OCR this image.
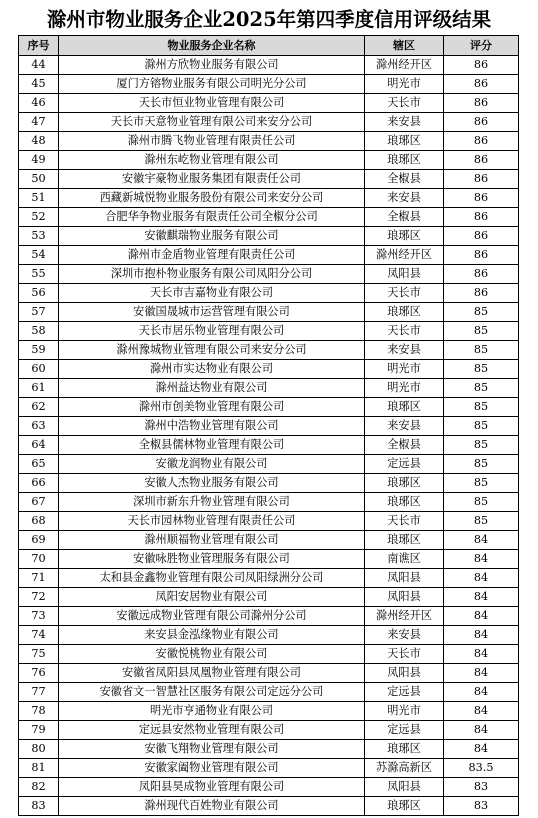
滁州市物业服务企业2025年第四季度信用评级结果
序号	物业服务企业名称	辖区	评分
44	滁州方欣物业服务有限公司	滁州经开区	86
45	厦门方镕物业服务有限公司明光分公司	明光市	86
46	天长市恒业物业管理有限公司	天长市	86
47	天长市天意物业管理有限公司来安分公司	来安县	86
48	滁州市腾飞物业管理有限责任公司	琅琊区	86
49	滁州东屹物业管理有限公司	琅琊区	86
50	安徽宇豪物业服务集团有限责任公司	全椒县	86
51	西藏新城悦物业服务股份有限公司来安分公司	来安县	86
52	合肥华争物业服务有限责任公司全椒分公司	全椒县	86
53	安徽麒瑞物业服务有限公司	琅琊区	86
54	滁州市金盾物业管理有限责任公司	滁州经开区	86
55	深圳市抱朴物业服务有限公司凤阳分公司	凤阳县	86
56	天长市吉嘉物业有限公司	天长市	86
57	安徽国晟城市运营管理有限公司	琅琊区	85
58	天长市居乐物业管理有限公司	天长市	85
59	滁州豫城物业管理有限公司来安分公司	来安县	85
60	滁州市实达物业有限公司	明光市	85
61	滁州益达物业有限公司	明光市	85
62	滁州市创美物业管理有限公司	琅琊区	85
63	滁州中浩物业管理有限公司	来安县	85
64	全椒县儒林物业管理有限公司	全椒县	85
65	安徽龙润物业有限公司	定远县	85
66	安徽人杰物业服务有限公司	琅琊区	85
67	深圳市新东升物业管理有限公司	琅琊区	85
68	天长市园林物业管理有限责任公司	天长市	85
69	滁州顺福物业管理有限公司	琅琊区	84
70	安徽咏胜物业管理服务有限公司	南谯区	84
71	太和县金鑫物业管理有限公司凤阳绿洲分公司	凤阳县	84
72	凤阳安居物业有限公司	凤阳县	84
73	安徽远成物业管理有限公司滁州分公司	滁州经开区	84
74	来安县金泓缘物业有限公司	来安县	84
75	安徽悦桃物业有限公司	天长市	84
76	安徽省凤阳县凤凰物业管理有限公司	凤阳县	84
77	安徽省文一智慧社区服务有限公司定远分公司	定远县	84
78	明光市亨通物业有限公司	明光市	84
79	定远县安然物业管理有限公司	定远县	84
80	安徽飞翔物业管理有限公司	琅琊区	84
81	安徽家阖物业管理有限公司	苏滁高新区	83.5
82	凤阳县昊成物业管理有限公司	凤阳县	83
83	滁州现代百姓物业有限公司	琅琊区	83
